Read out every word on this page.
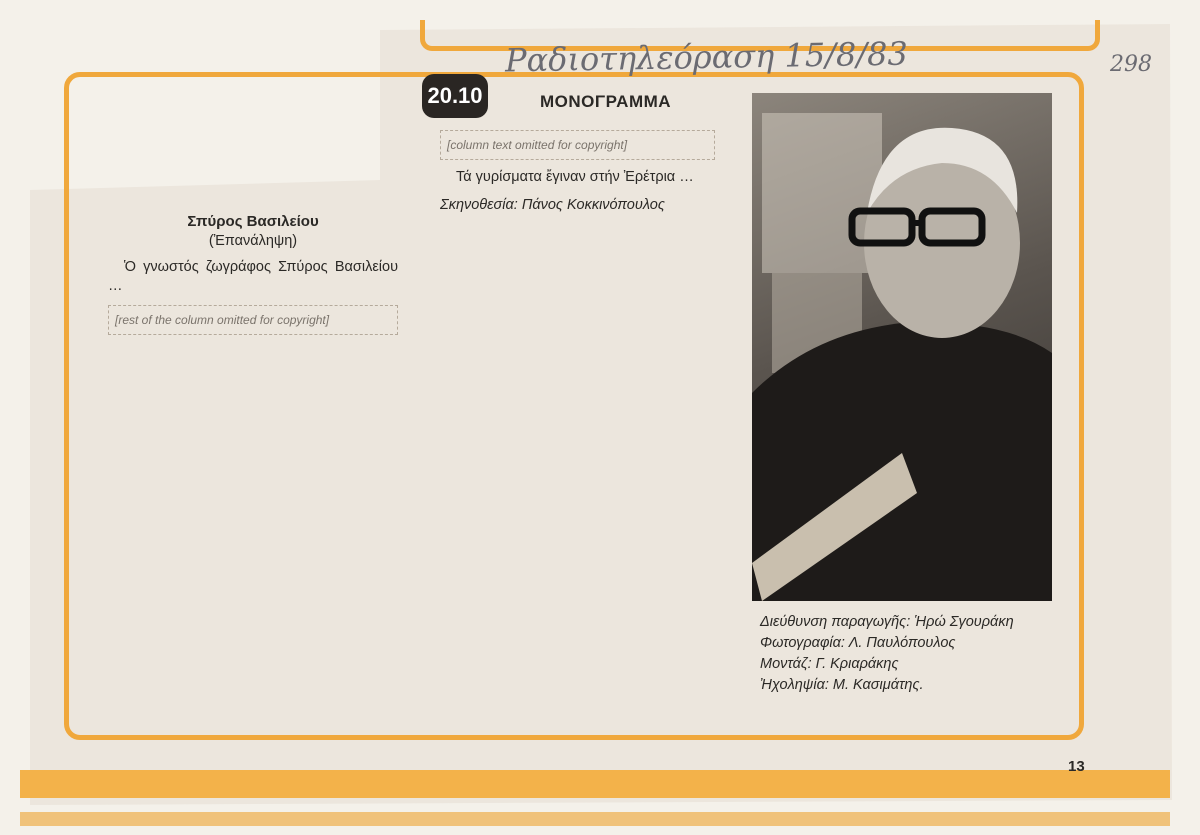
Ραδιοτηλεόραση 15/8/83	298
20.10	ΜΟΝΟΓΡΑΜΜΑ

Σπύρος Βασιλείου

(Ἐπανάληψη)

Ὁ γνωστός ζωγράφος Σπύρος Βασιλείου …

[rest of the column omitted for copyright]

[column text omitted for copyright]

Τά γυρίσματα ἔγιναν στήν Ἐρέτρια …

Σκηνοθεσία: Πάνος Κοκκινόπουλος

Διεύθυνση παραγωγῆς: Ἡρώ Σγουράκη
Φωτογραφία: Λ. Παυλόπουλος
Μοντάζ: Γ. Κριαράκης
Ἠχοληψία: Μ. Κασιμάτης.
13
